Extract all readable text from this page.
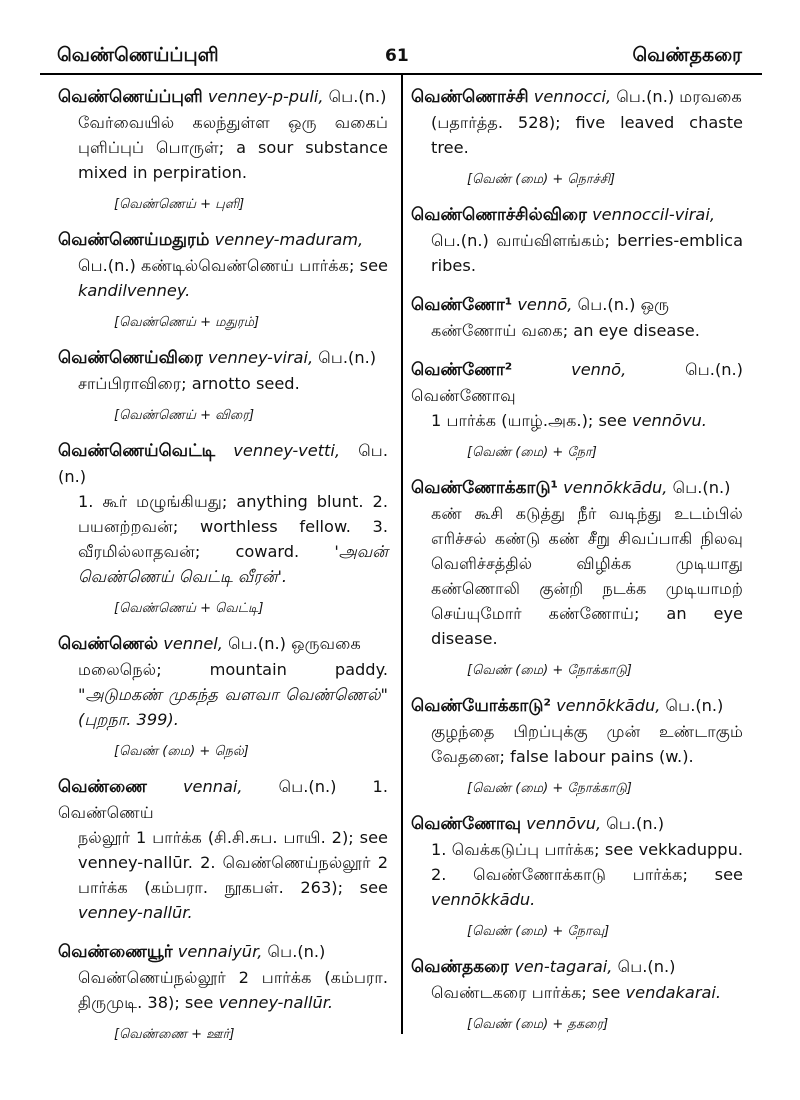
வெண்ணெய்ப்புளி	61	வெண்தகரை

வெண்ணெய்ப்புளி venney-p-puli, பெ.(n.)

வேர்வையில் கலந்துள்ள ஒரு வகைப் புளிப்புப் பொருள்; a sour substance mixed in perpiration.

[வெண்ணெய் + புளி]

வெண்ணெய்மதுரம் venney-maduram,

பெ.(n.) கண்டில்வெண்ணெய் பார்க்க; see kandilvenney.

[வெண்ணெய் + மதுரம்]

வெண்ணெய்விரை venney-virai, பெ.(n.)

சாப்பிராவிரை; arnotto seed.

[வெண்ணெய் + விரை]

வெண்ணெய்வெட்டி venney-vetti, பெ.(n.)

1. கூர் மழுங்கியது; anything blunt. 2. பயனற்றவன்; worthless fellow. 3. வீரமில்லாதவன்; coward. 'அவன் வெண்ணெய் வெட்டி வீரன்'.

[வெண்ணெய் + வெட்டி]

வெண்ணெல் vennel, பெ.(n.) ஒருவகை

மலைநெல்; mountain paddy. "அடுமகண் முகந்த வளவா வெண்ணெல்" (புறநா. 399).

[வெண் (மை) + நெல்]

வெண்ணை vennai, பெ.(n.) 1. வெண்ணெய்

நல்லூர் 1 பார்க்க (சி.சி.சுப. பாயி. 2); see venney-nallūr. 2. வெண்ணெய்நல்லூர் 2 பார்க்க (கம்பரா. நூகபள். 263); see venney-nallūr.

வெண்ணையூர் vennaiyūr, பெ.(n.)

வெண்ணெய்நல்லூர் 2 பார்க்க (கம்பரா. திருமுடி. 38); see venney-nallūr.

[வெண்ணை + ஊர்]

வெண்ணொச்சி vennocci, பெ.(n.) மரவகை

(பதார்த்த. 528); five leaved chaste tree.

[வெண் (மை) + நொச்சி]

வெண்ணொச்சில்விரை vennoccil-virai,

பெ.(n.) வாய்விளங்கம்; berries-emblica ribes.

வெண்ணோ¹ vennō, பெ.(n.) ஒரு

கண்ணோய் வகை; an eye disease.

வெண்ணோ²	vennō,	பெ.(n.) வெண்ணோவு

1 பார்க்க (யாழ்.அக.); see vennōvu.

[வெண் (மை) + நோ]

வெண்ணோக்காடு¹ vennōkkādu, பெ.(n.)

கண் கூசி கடுத்து நீர் வடிந்து உடம்பில் எரிச்சல் கண்டு கண் சீறு சிவப்பாகி நிலவு வெளிச்சத்தில் விழிக்க முடியாது கண்ணொலி குன்றி நடக்க முடியாமற் செய்யுமோர் கண்ணோய்; an eye disease.

[வெண் (மை) + நோக்காடு]

வெண்யோக்காடு² vennōkkādu, பெ.(n.)

குழந்தை பிறப்புக்கு முன் உண்டாகும் வேதனை; false labour pains (w.).

[வெண் (மை) + நோக்காடு]

வெண்ணோவு vennōvu, பெ.(n.)

1. வெக்கடுப்பு பார்க்க; see vekkaduppu. 2. வெண்ணோக்காடு பார்க்க; see vennōkkādu.

[வெண் (மை) + நோவு]

வெண்தகரை ven-tagarai, பெ.(n.)

வெண்டகரை பார்க்க; see vendakarai.

[வெண் (மை) + தகரை]
